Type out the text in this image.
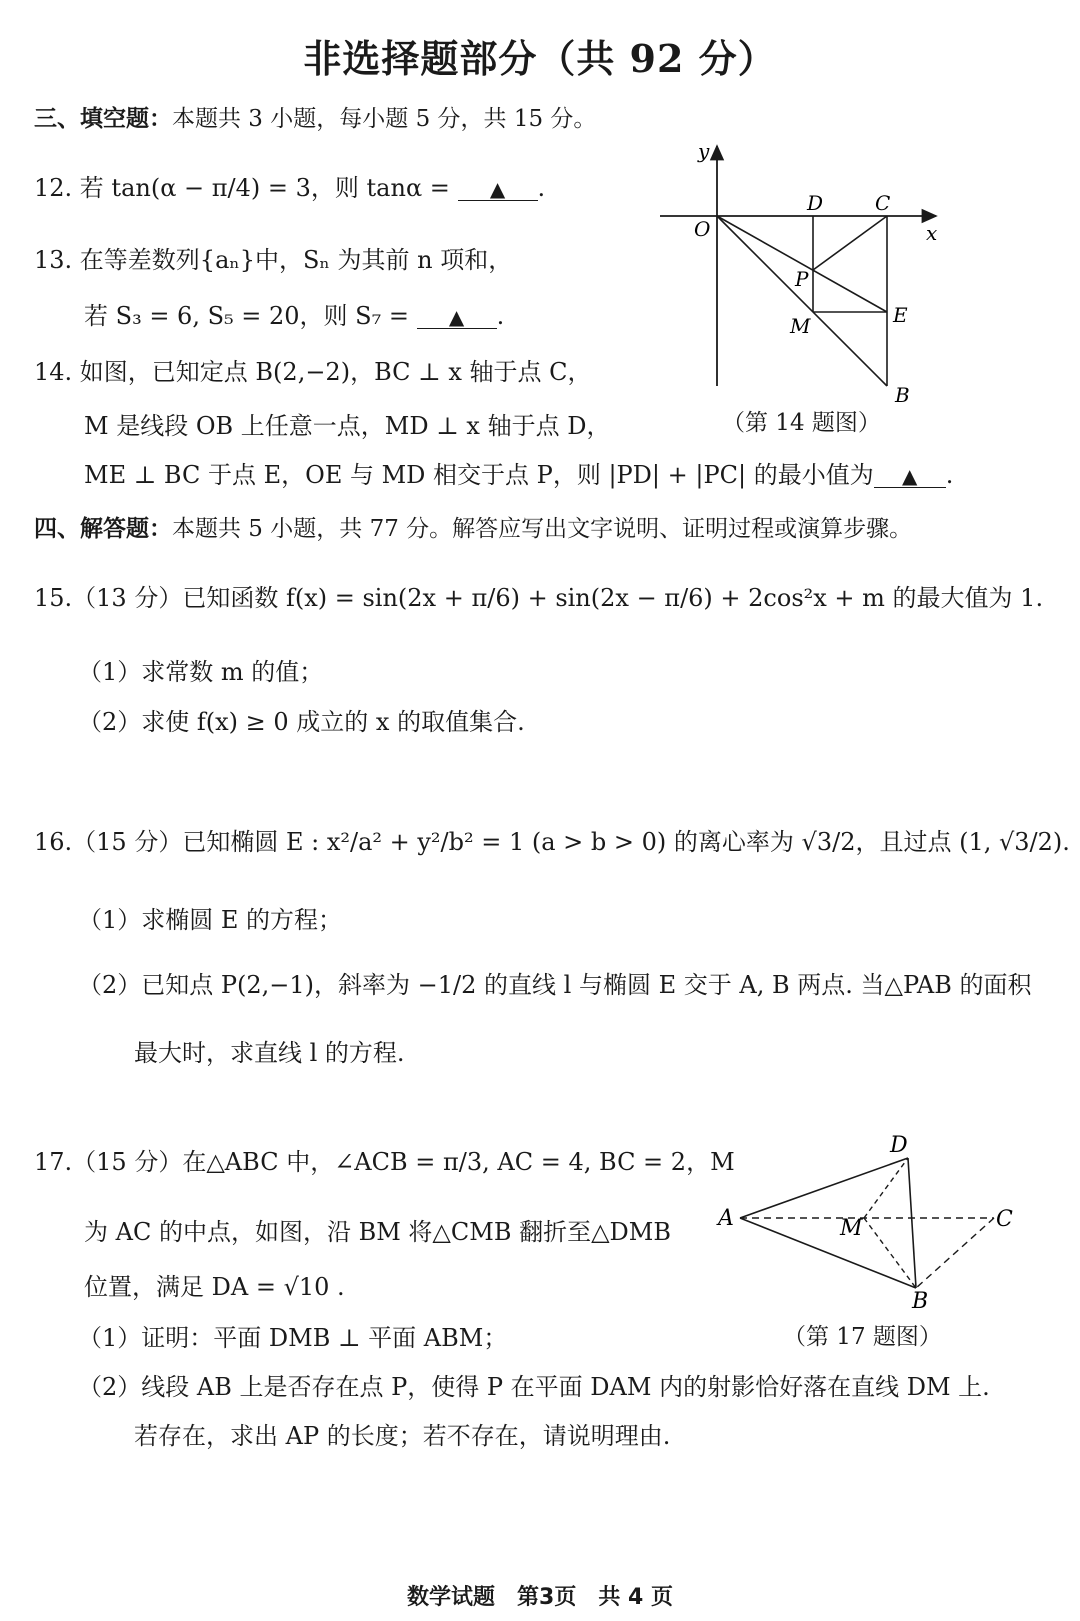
非选择题部分（共 92 分）
三、填空题：本题共 3 小题，每小题 5 分，共 15 分。
12. 若 tan(α − π/4) = 3，则 tanα = ▲ .
13. 在等差数列{aₙ}中，Sₙ 为其前 n 项和，
若 S₃ = 6, S₅ = 20，则 S₇ = ▲ .
14. 如图，已知定点 B(2,−2)，BC ⊥ x 轴于点 C，
M 是线段 OB 上任意一点，MD ⊥ x 轴于点 D，
ME ⊥ BC 于点 E，OE 与 MD 相交于点 P，则 |PD| + |PC| 的最小值为 ▲ .
y
x
O
D	C
P
M	E
B
（第 14 题图）
四、解答题：本题共 5 小题，共 77 分。解答应写出文字说明、证明过程或演算步骤。
15.（13 分）已知函数 f(x) = sin(2x + π/6) + sin(2x − π/6) + 2cos²x + m 的最大值为 1.
（1）求常数 m 的值；
（2）求使 f(x) ≥ 0 成立的 x 的取值集合.
16.（15 分）已知椭圆 E : x²/a² + y²/b² = 1 (a > b > 0) 的离心率为 √3/2，且过点 (1, √3/2).
（1）求椭圆 E 的方程；
（2）已知点 P(2,−1)，斜率为 −1/2 的直线 l 与椭圆 E 交于 A, B 两点. 当△PAB 的面积
最大时，求直线 l 的方程.
17.（15 分）在△ABC 中，∠ACB = π/3, AC = 4, BC = 2，M
为 AC 的中点，如图，沿 BM 将△CMB 翻折至△DMB
位置，满足 DA = √10 .
（1）证明：平面 DMB ⊥ 平面 ABM；
（2）线段 AB 上是否存在点 P，使得 P 在平面 DAM 内的射影恰好落在直线 DM 上.
若存在，求出 AP 的长度；若不存在，请说明理由.
A
D
M	C
B
（第 17 题图）
数学试题　第3页　共 4 页
